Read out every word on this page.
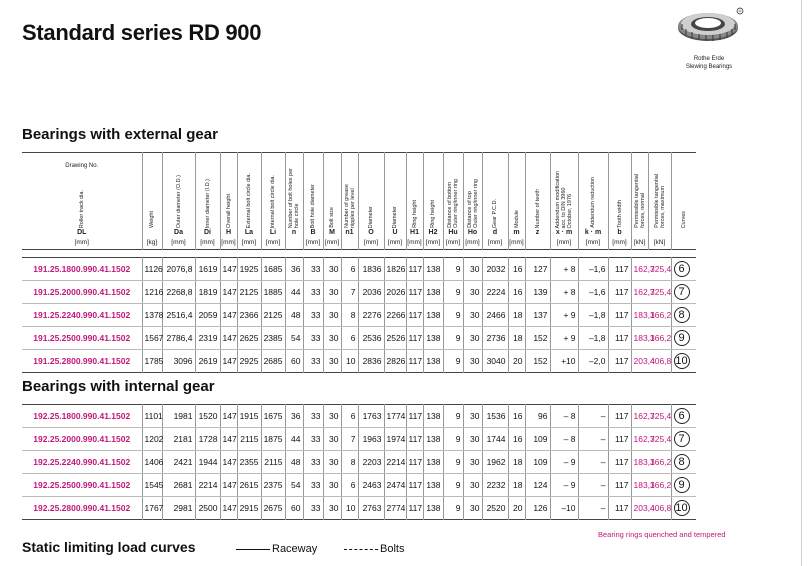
Standard series RD 900
®
Rothe Erde
Slewing Bearings
Bearings with external gear
Drawing No.
Roller track dia.
DL
[mm]

Weight
[kg]

Outer diameter (O.D.)
Da
[mm]

Inner diameter (I.D.)
Di
[mm]

Overall height
H
[mm]

External bolt circle dia.
La
[mm]

Internal bolt circle dia.
Li
[mm]

Number of bolt holes per
hole circle
n

Bolt hole diameter
B
[mm]

Bolt size
M
[mm]

Number of grease
nipples per level
n1

Diameter
O
[mm]

Diameter
U
[mm]

Ring height
H1
[mm]

Ring height
H2
[mm]

Distance of bottom
Outer ring/inner ring
Hu
[mm]

Distance of top
Outer ring/inner ring
Ho
[mm]

Gear P.C.D.
d
[mm]

Module
m
[mm]

Number of teeth
z

Addendum modification
acc. to DIN 3960
October, 1976
x · m
[mm]

Addendum reduction
k · m
[mm]

Tooth width
b
[mm]

Permissible tangential
forces, normal
[kN]

Permissible tangential
forces, maximum
[kN]

Curves
191.25.1800.990.41.1502	1126	2076,8	1619	147	1925	1685	36	33	30	6	1836	1826	117	138	9	30	2032	16	127	+ 8	–1,6	117	162,7	325,4	6
191.25.2000.990.41.1502	1216	2268,8	1819	147	2125	1885	44	33	30	7	2036	2026	117	138	9	30	2224	16	139	+ 8	–1,6	117	162,7	325,4	7
191.25.2240.990.41.1502	1378	2516,4	2059	147	2366	2125	48	33	30	8	2276	2266	117	138	9	30	2466	18	137	+ 9	–1,8	117	183,1	366,2	8
191.25.2500.990.41.1502	1567	2786,4	2319	147	2625	2385	54	33	30	6	2536	2526	117	138	9	30	2736	18	152	+ 9	–1,8	117	183,1	366,2	9
191.25.2800.990.41.1502	1785	3096	2619	147	2925	2685	60	33	30	10	2836	2826	117	138	9	30	3040	20	152	+10	–2,0	117	203,4	406,8	10
Bearings with internal gear
192.25.1800.990.41.1502	1101	1981	1520	147	1915	1675	36	33	30	6	1763	1774	117	138	9	30	1536	16	96	– 8	–	117	162,7	325,4	6
192.25.2000.990.41.1502	1202	2181	1728	147	2115	1875	44	33	30	7	1963	1974	117	138	9	30	1744	16	109	– 8	–	117	162,7	325,4	7
192.25.2240.990.41.1502	1406	2421	1944	147	2355	2115	48	33	30	8	2203	2214	117	138	9	30	1962	18	109	– 9	–	117	183,1	366,2	8
192.25.2500.990.41.1502	1545	2681	2214	147	2615	2375	54	33	30	6	2463	2474	117	138	9	30	2232	18	124	– 9	–	117	183,1	366,2	9
192.25.2800.990.41.1502	1767	2981	2500	147	2915	2675	60	33	30	10	2763	2774	117	138	9	30	2520	20	126	–10	–	117	203,4	406,8	10
Bearing rings quenched and tempered
Static limiting load curves	Raceway	Bolts
